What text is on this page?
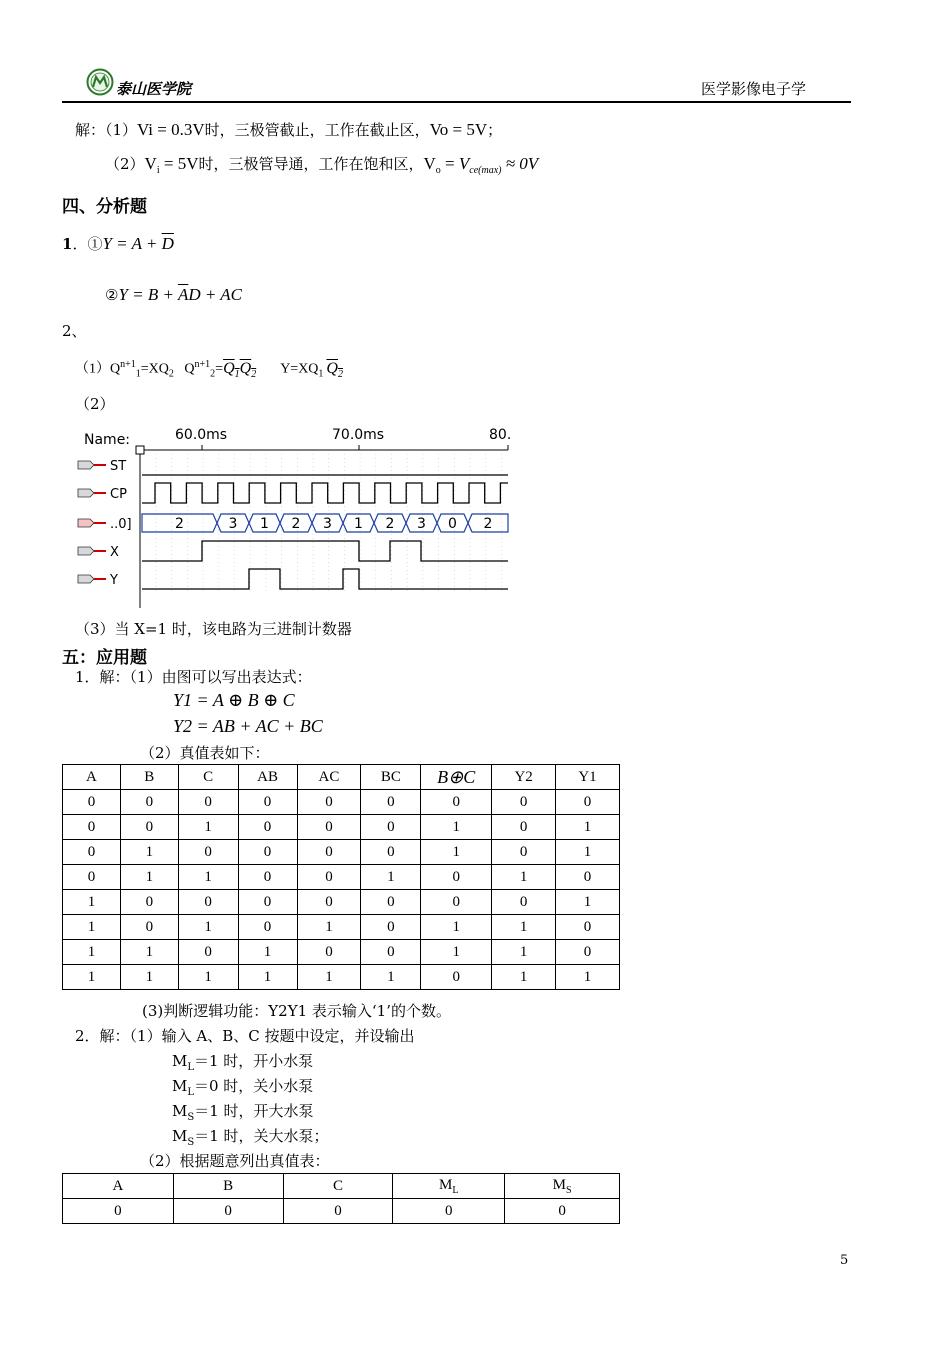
泰山医学院	医学影像电子学
解：（1）Vi = 0.3V时，三极管截止，工作在截止区，Vo = 5V；
$(2)V_i = 5V$时，三极管导通，工作在饱和区，$V_o = V_{ce(max)} \approx 0V$
四、分析题
1．①Y = $A + \overline{D}$
②Y = $B + \overline{A}D$ + AC
2、
$(1)Q^{n+1}_1=XQ_2$   $Q^{n+1}_2=Q_1Q_2$ $Y=XQ_1$ $Q_2$
（2）
Name:	60.0ms	70.0ms	80.
ST
CP
..0]
X
Y
2	3 1 2 3 1 2 3 0 2
（3）当 X=1 时，该电路为三进制计数器
五：应用题
1．解：（1）由图可以写出表达式：
Y1 = A ⊕ B ⊕ C
Y2 = AB + AC + BC
（2）真值表如下：
A	B	C	AB	AC	BC	B⊕C	Y2	Y1
0	0	0	0	0	0	0	0	0
0	0	1	0	0	0	1	0	1
0	1	0	0	0	0	1	0	1
0	1	1	0	0	1	0	1	0
1	0	0	0	0	0	0	0	1
1	0	1	0	1	0	1	1	0
1	1	0	1	0	0	1	1	0
1	1	1	1	1	1	0	1	1
(3)判断逻辑功能：Y2Y1 表示输入‘1’的个数。
2．解：（1）输入 A、B、C 按题中设定，并设输出
$M_L=1$ 时，开小水泵
$M_L=0$ 时，关小水泵
$M_S=1$ 时，开大水泵
$M_S=1$ 时，关大水泵；
（2）根据题意列出真值表：
A	B	C	$M_L$	$M_S$
0	0	0	0	0
5
